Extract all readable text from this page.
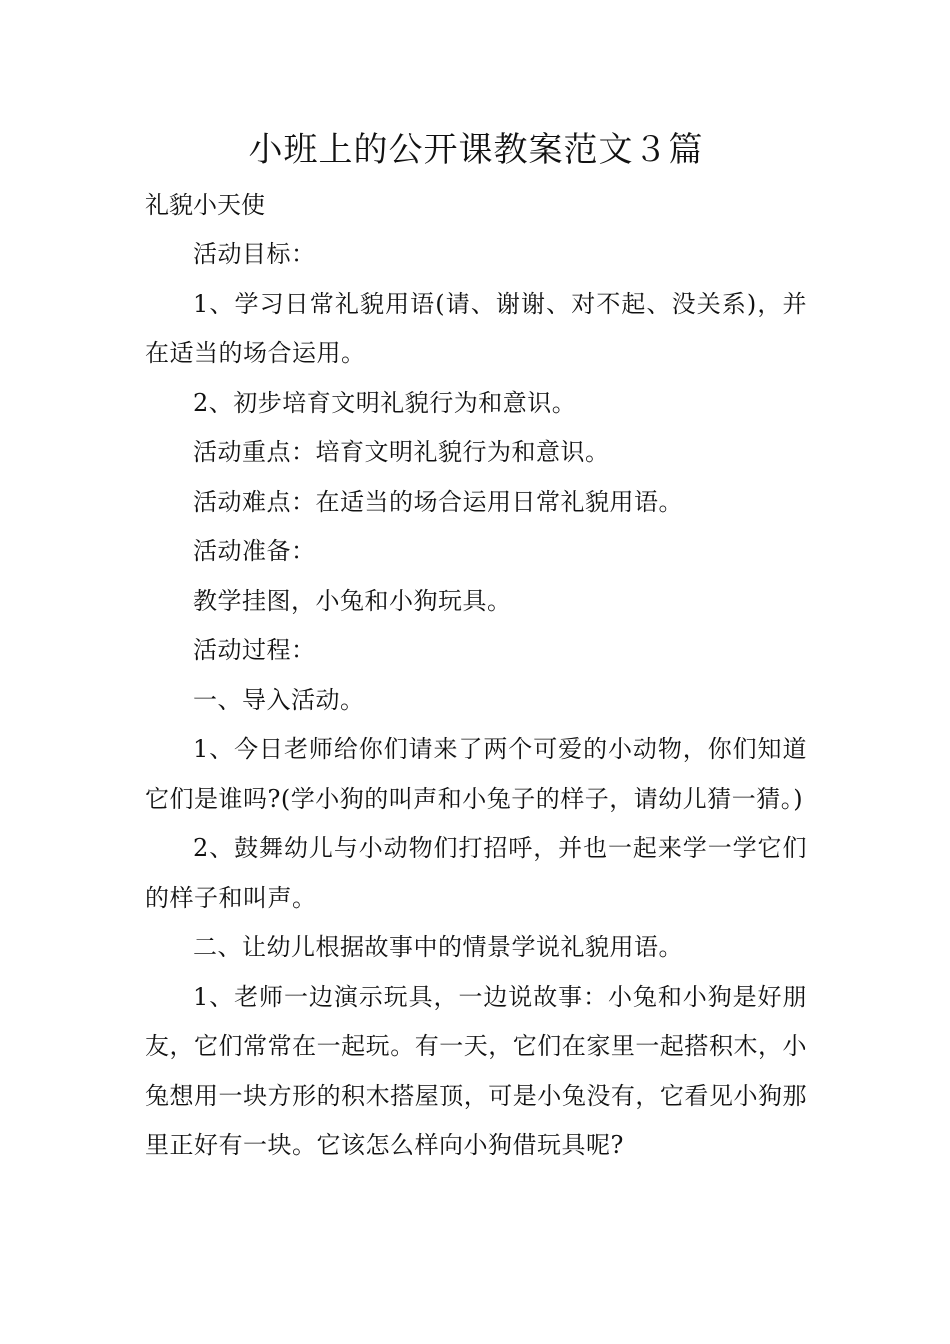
小班上的公开课教案范文３篇

礼貌小天使

活动目标：

1、学习日常礼貌用语(请、谢谢、对不起、没关系)，并在适当的场合运用。

2、初步培育文明礼貌行为和意识。

活动重点：培育文明礼貌行为和意识。

活动难点：在适当的场合运用日常礼貌用语。

活动准备：

教学挂图，小兔和小狗玩具。

活动过程：

一、导入活动。

1、今日老师给你们请来了两个可爱的小动物，你们知道它们是谁吗?(学小狗的叫声和小兔子的样子，请幼儿猜一猜。)

2、鼓舞幼儿与小动物们打招呼，并也一起来学一学它们的样子和叫声。

二、让幼儿根据故事中的情景学说礼貌用语。

1、老师一边演示玩具，一边说故事：小兔和小狗是好朋友，它们常常在一起玩。有一天，它们在家里一起搭积木，小兔想用一块方形的积木搭屋顶，可是小兔没有，它看见小狗那里正好有一块。它该怎么样向小狗借玩具呢?
